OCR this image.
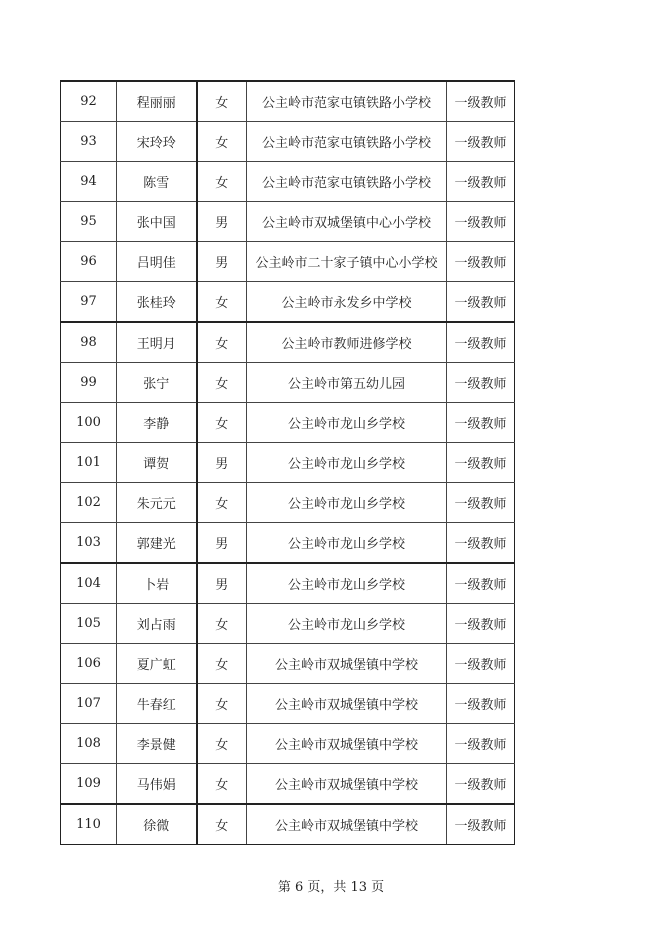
92	程丽丽	女	公主岭市范家屯镇铁路小学校	一级教师
93	宋玲玲	女	公主岭市范家屯镇铁路小学校	一级教师
94	陈雪	女	公主岭市范家屯镇铁路小学校	一级教师
95	张中国	男	公主岭市双城堡镇中心小学校	一级教师
96	吕明佳	男	公主岭市二十家子镇中心小学校	一级教师
97	张桂玲	女	公主岭市永发乡中学校	一级教师
98	王明月	女	公主岭市教师进修学校	一级教师
99	张宁	女	公主岭市第五幼儿园	一级教师
100	李静	女	公主岭市龙山乡学校	一级教师
101	谭贺	男	公主岭市龙山乡学校	一级教师
102	朱元元	女	公主岭市龙山乡学校	一级教师
103	郭建光	男	公主岭市龙山乡学校	一级教师
104	卜岩	男	公主岭市龙山乡学校	一级教师
105	刘占雨	女	公主岭市龙山乡学校	一级教师
106	夏广虹	女	公主岭市双城堡镇中学校	一级教师
107	牛春红	女	公主岭市双城堡镇中学校	一级教师
108	李景健	女	公主岭市双城堡镇中学校	一级教师
109	马伟娟	女	公主岭市双城堡镇中学校	一级教师
110	徐微	女	公主岭市双城堡镇中学校	一级教师
第 6 页，共 13 页
